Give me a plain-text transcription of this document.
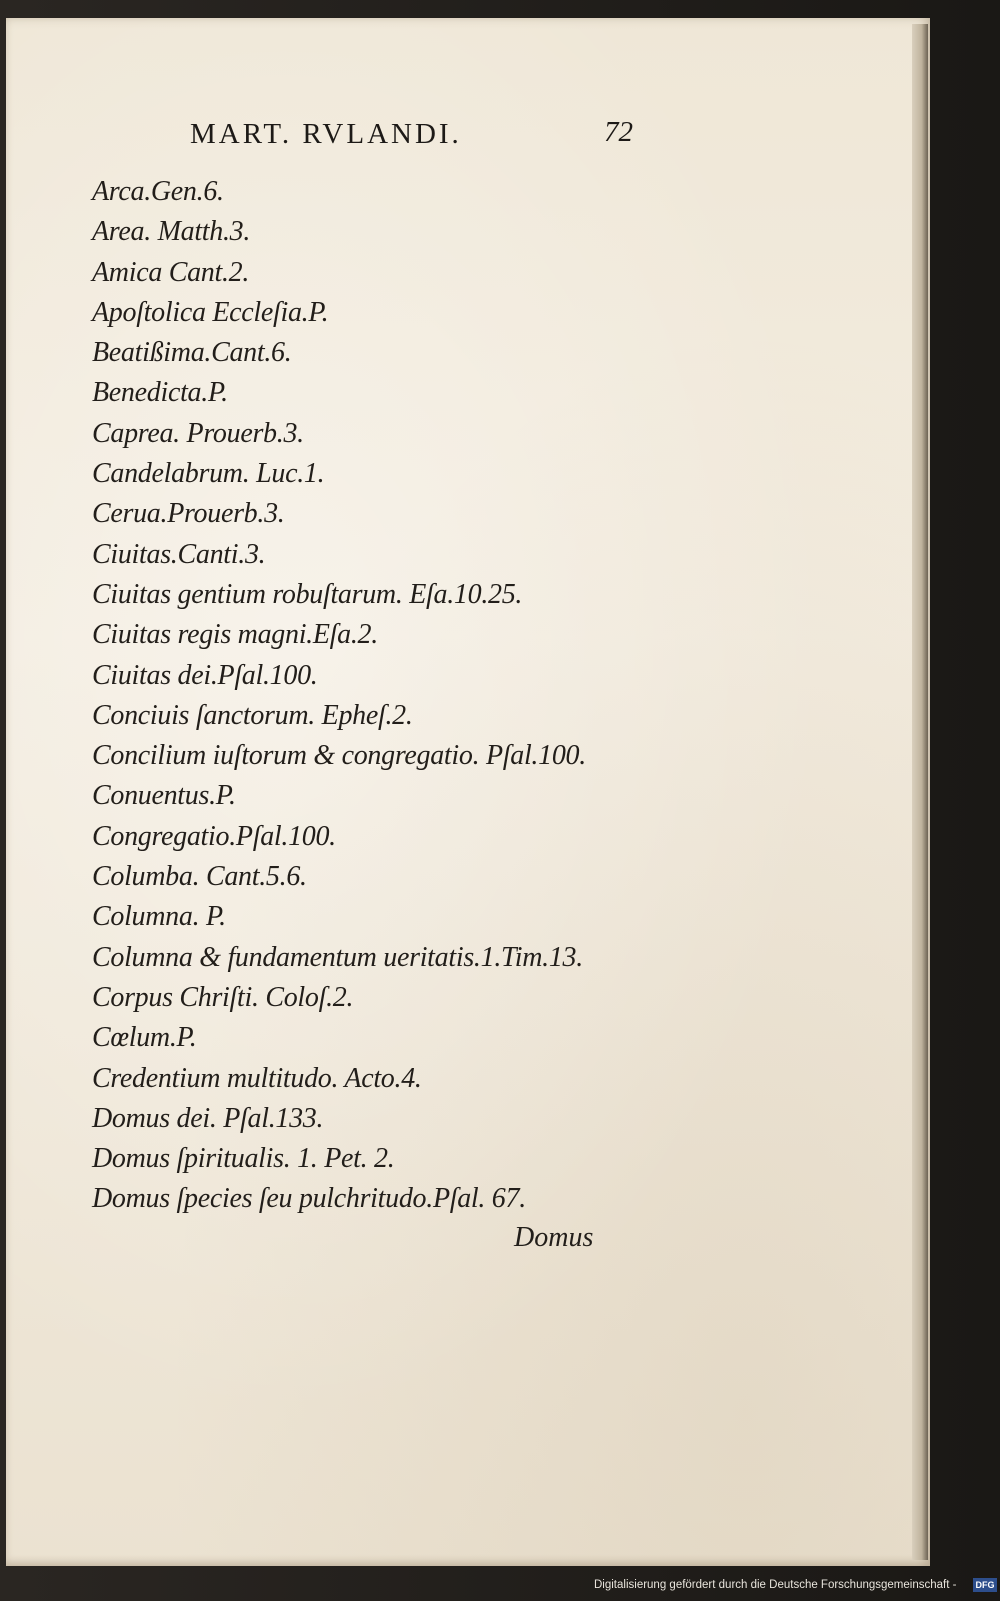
MART. RVLANDI.	72
Arca.Gen.6.
Area. Matth.3.
Amica Cant.2.
Apoſtolica Eccleſia.P.
Beatißima.Cant.6.
Benedicta.P.
Caprea. Prouerb.3.
Candelabrum. Luc.1.
Cerua.Prouerb.3.
Ciuitas.Canti.3.
Ciuitas gentium robuſtarum. Eſa.10.25.
Ciuitas regis magni.Eſa.2.
Ciuitas dei.Pſal.100.
Conciuis ſanctorum. Epheſ.2.
Concilium iuſtorum & congregatio. Pſal.100.
Conuentus.P.
Congregatio.Pſal.100.
Columba. Cant.5.6.
Columna. P.
Columna & fundamentum ueritatis.1.Tim.13.
Corpus Chriſti. Coloſ.2.
Cœlum.P.
Credentium multitudo. Acto.4.
Domus dei. Pſal.133.
Domus ſpiritualis. 1. Pet. 2.
Domus ſpecies ſeu pulchritudo.Pſal. 67.
Domus
Digitalisierung gefördert durch die Deutsche Forschungsgemeinschaft - DFG
